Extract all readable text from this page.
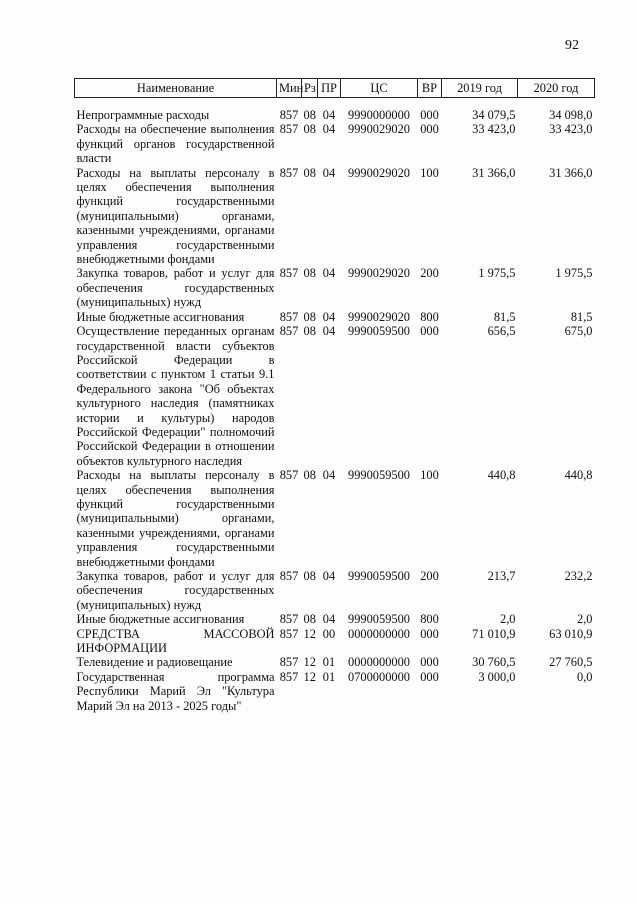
92
Наименование	Мин	Рз	ПР	ЦС	ВР	2019 год	2020 год
Непрограммные расходы	857	08	04	9990000000	000	34 079,5	34 098,0
Расходы на обеспечение выполнения функций органов государственной власти	857	08	04	9990029020	000	33 423,0	33 423,0
Расходы на выплаты персоналу в целях обеспечения выполнения функций государственными (муниципальными) органами, казенными учреждениями, органами управления государственными внебюджетными фондами	857	08	04	9990029020	100	31 366,0	31 366,0
Закупка товаров, работ и услуг для обеспечения государственных (муниципальных) нужд	857	08	04	9990029020	200	1 975,5	1 975,5
Иные бюджетные ассигнования	857	08	04	9990029020	800	81,5	81,5
Осуществление переданных органам государственной власти субъектов Российской Федерации в соответствии с пунктом 1 статьи 9.1 Федерального закона "Об объектах культурного наследия (памятниках истории и культуры) народов Российской Федерации" полномочий Российской Федерации в отношении объектов культурного наследия	857	08	04	9990059500	000	656,5	675,0
Расходы на выплаты персоналу в целях обеспечения выполнения функций государственными (муниципальными) органами, казенными учреждениями, органами управления государственными внебюджетными фондами	857	08	04	9990059500	100	440,8	440,8
Закупка товаров, работ и услуг для обеспечения государственных (муниципальных) нужд	857	08	04	9990059500	200	213,7	232,2
Иные бюджетные ассигнования	857	08	04	9990059500	800	2,0	2,0
СРЕДСТВА МАССОВОЙ ИНФОРМАЦИИ	857	12	00	0000000000	000	71 010,9	63 010,9
Телевидение и радиовещание	857	12	01	0000000000	000	30 760,5	27 760,5
Государственная программа Республики Марий Эл "Культура Марий Эл на 2013 - 2025 годы"	857	12	01	0700000000	000	3 000,0	0,0
